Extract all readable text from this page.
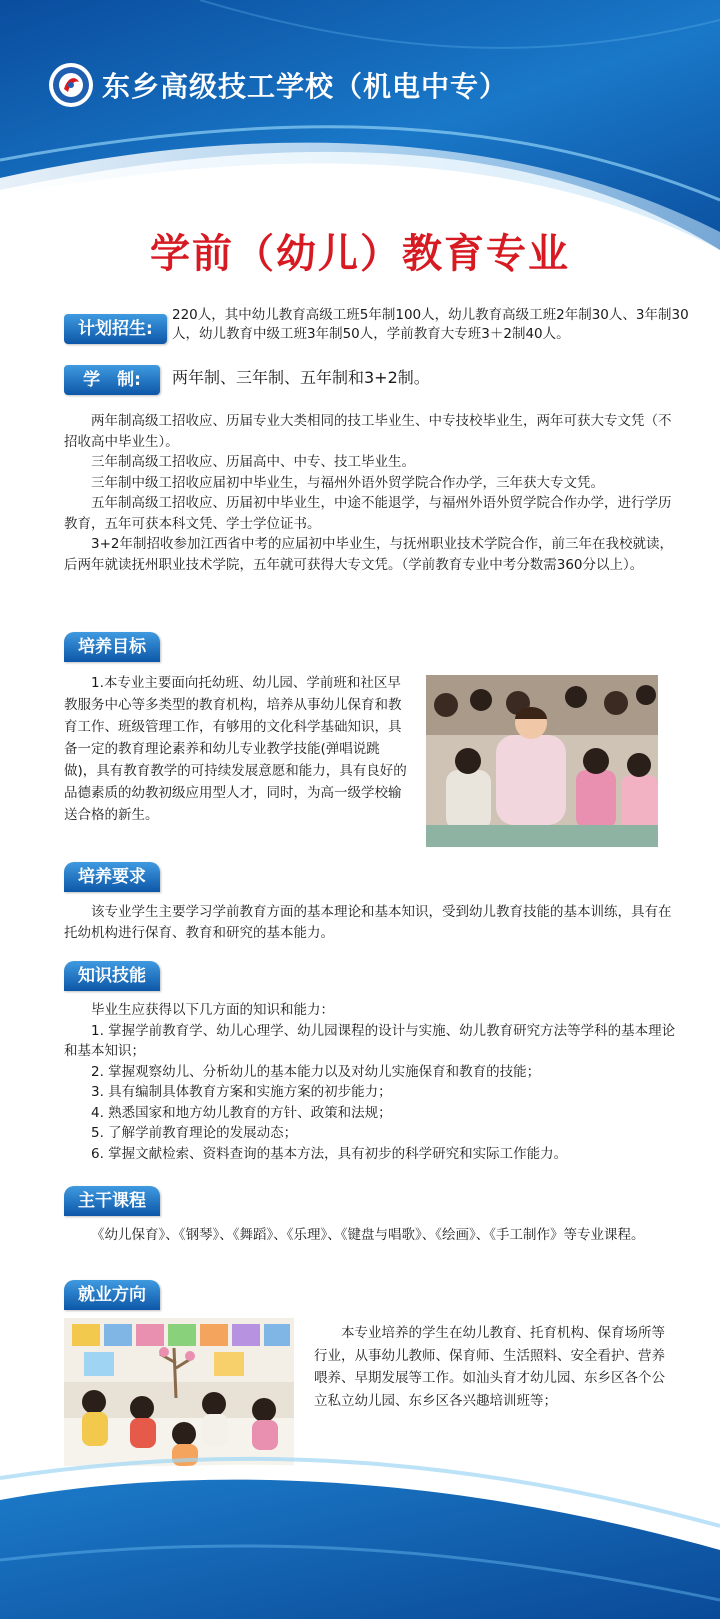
东乡高级技工学校（机电中专）
学前（幼儿）教育专业
计划招生:
220人，其中幼儿教育高级工班5年制100人，幼儿教育高级工班2年制30人、3年制30人，幼儿教育中级工班3年制50人，学前教育大专班3＋2制40人。
学　制:	两年制、三年制、五年制和3+2制。

两年制高级工招收应、历届专业大类相同的技工毕业生、中专技校毕业生，两年可获大专文凭（不招收高中毕业生）。

三年制高级工招收应、历届高中、中专、技工毕业生。

三年制中级工招收应届初中毕业生，与福州外语外贸学院合作办学，三年获大专文凭。

五年制高级工招收应、历届初中毕业生，中途不能退学，与福州外语外贸学院合作办学，进行学历教育，五年可获本科文凭、学士学位证书。

3+2年制招收参加江西省中考的应届初中毕业生，与抚州职业技术学院合作，前三年在我校就读，后两年就读抚州职业技术学院，五年就可获得大专文凭。（学前教育专业中考分数需360分以上）。

培养目标

1.本专业主要面向托幼班、幼儿园、学前班和社区早教服务中心等多类型的教育机构，培养从事幼儿保育和教育工作、班级管理工作，有够用的文化科学基础知识，具备一定的教育理论素养和幼儿专业教学技能(弹唱说跳做)，具有教育教学的可持续发展意愿和能力，具有良好的品德素质的幼教初级应用型人才，同时，为高一级学校输送合格的新生。

培养要求

该专业学生主要学习学前教育方面的基本理论和基本知识，受到幼儿教育技能的基本训练，具有在托幼机构进行保育、教育和研究的基本能力。

知识技能

毕业生应获得以下几方面的知识和能力：

1. 掌握学前教育学、幼儿心理学、幼儿园课程的设计与实施、幼儿教育研究方法等学科的基本理论和基本知识；

2. 掌握观察幼儿、分析幼儿的基本能力以及对幼儿实施保育和教育的技能；

3. 具有编制具体教育方案和实施方案的初步能力；

4. 熟悉国家和地方幼儿教育的方针、政策和法规；

5. 了解学前教育理论的发展动态；

6. 掌握文献检索、资料查询的基本方法，具有初步的科学研究和实际工作能力。

主干课程

《幼儿保育》、《钢琴》、《舞蹈》、《乐理》、《键盘与唱歌》、《绘画》、《手工制作》等专业课程。

就业方向

本专业培养的学生在幼儿教育、托育机构、保育场所等行业，从事幼儿教师、保育师、生活照料、安全看护、营养喂养、早期发展等工作。如汕头育才幼儿园、东乡区各个公立私立幼儿园、东乡区各兴趣培训班等；
